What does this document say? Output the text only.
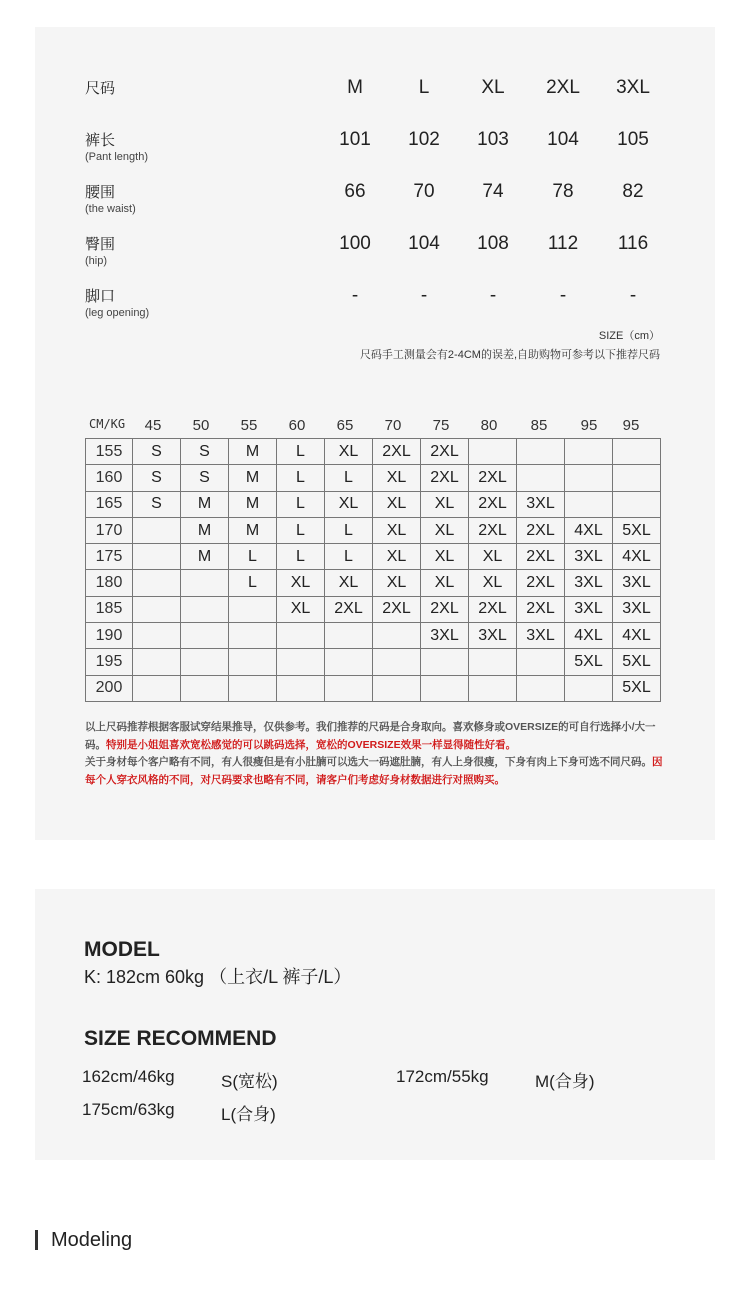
尺码	M	L	XL	2XL	3XL
裤长
(Pant length)
101	102	103	104	105
腰围
(the waist)
66	70	74	78	82
臀围
(hip)
100	104	108	112	116
脚口
(leg opening)
-	-	-	-	-
SIZE（cm）
尺码手工测量会有2-4CM的误差,自助购物可参考以下推荐尺码
CM/KG 45 50 55 60 65 70 75 80 85 95 95
155	S	S	M	L	XL	2XL	2XL				
160	S	S	M	L	L	XL	2XL	2XL			
165	S	M	M	L	XL	XL	XL	2XL	3XL		
170		M	M	L	L	XL	XL	2XL	2XL	4XL	5XL
175		M	L	L	L	XL	XL	XL	2XL	3XL	4XL
180			L	XL	XL	XL	XL	XL	2XL	3XL	3XL
185				XL	2XL	2XL	2XL	2XL	2XL	3XL	3XL
190							3XL	3XL	3XL	4XL	4XL
195										5XL	5XL
200											5XL
以上尺码推荐根据客服试穿结果推导，仅供参考。我们推荐的尺码是合身取向。喜欢修身或OVERSIZE的可自行选择小/大一码。特别是小姐姐喜欢宽松感觉的可以跳码选择，宽松的OVERSIZE效果一样显得随性好看。
关于身材每个客户略有不同，有人很瘦但是有小肚腩可以选大一码遮肚腩，有人上身很瘦，下身有肉上下身可选不同尺码。因每个人穿衣风格的不同，对尺码要求也略有不同，请客户们考虑好身材数据进行对照购买。
MODEL
K: 182cm 60kg （上衣/L 裤子/L）
SIZE RECOMMEND
162cm/46kg	S(宽松)	172cm/55kg	M(合身)
175cm/63kg	L(合身)
Modeling
